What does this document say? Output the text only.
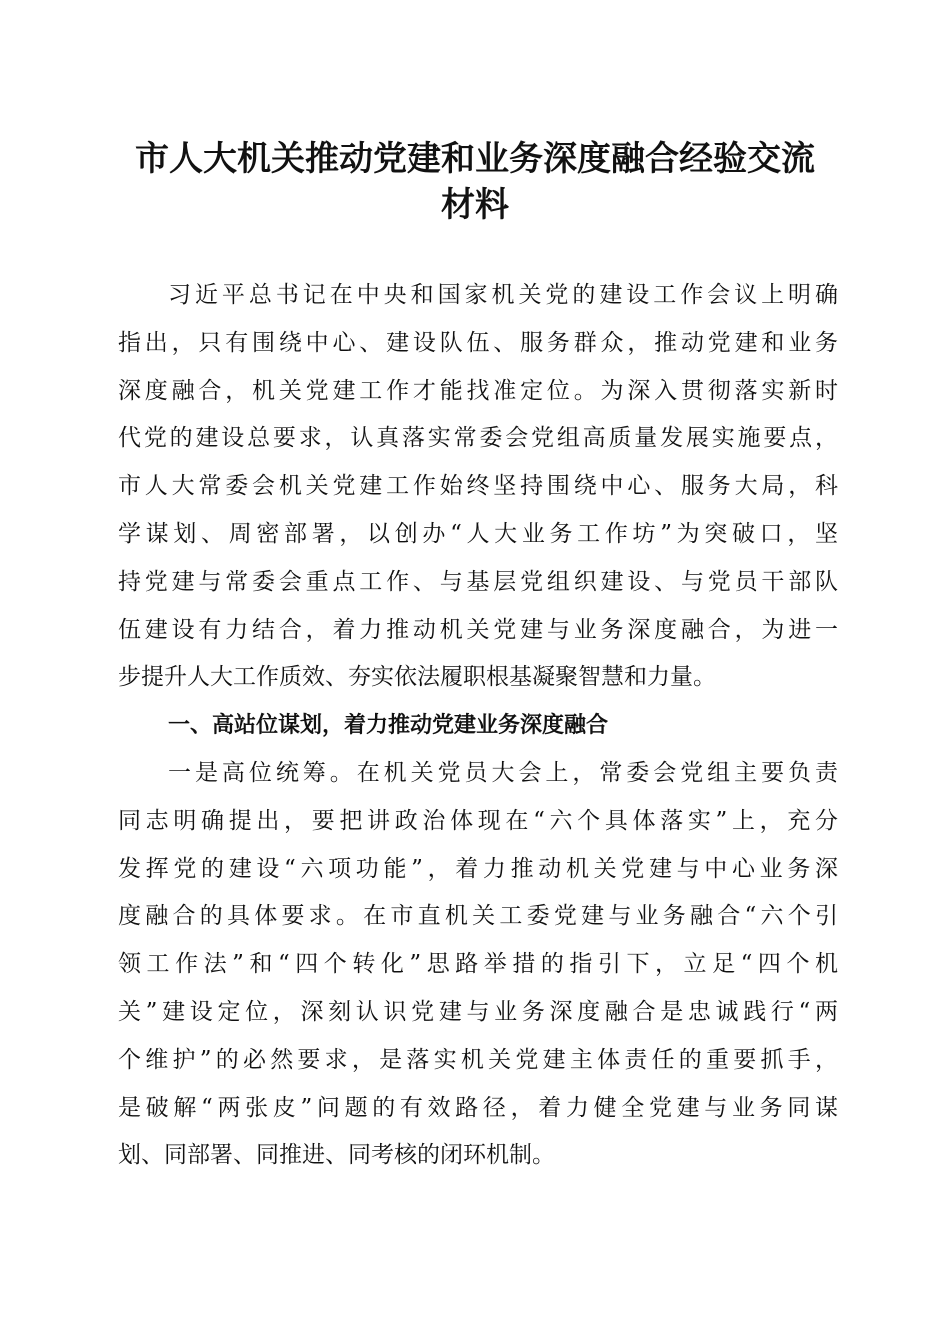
市人大机关推动党建和业务深度融合经验交流
材料
习近平总书记在中央和国家机关党的建设工作会议上明确
指出，只有围绕中心、建设队伍、服务群众，推动党建和业务
深度融合，机关党建工作才能找准定位。为深入贯彻落实新时
代党的建设总要求，认真落实常委会党组高质量发展实施要点，
市人大常委会机关党建工作始终坚持围绕中心、服务大局，科
学谋划、周密部署，以创办“人大业务工作坊”为突破口，坚
持党建与常委会重点工作、与基层党组织建设、与党员干部队
伍建设有力结合，着力推动机关党建与业务深度融合，为进一
步提升人大工作质效、夯实依法履职根基凝聚智慧和力量。
一、高站位谋划，着力推动党建业务深度融合
一是高位统筹。在机关党员大会上，常委会党组主要负责
同志明确提出，要把讲政治体现在“六个具体落实”上，充分
发挥党的建设“六项功能”，着力推动机关党建与中心业务深
度融合的具体要求。在市直机关工委党建与业务融合“六个引
领工作法”和“四个转化”思路举措的指引下，立足“四个机
关”建设定位，深刻认识党建与业务深度融合是忠诚践行“两
个维护”的必然要求，是落实机关党建主体责任的重要抓手，
是破解“两张皮”问题的有效路径，着力健全党建与业务同谋
划、同部署、同推进、同考核的闭环机制。
